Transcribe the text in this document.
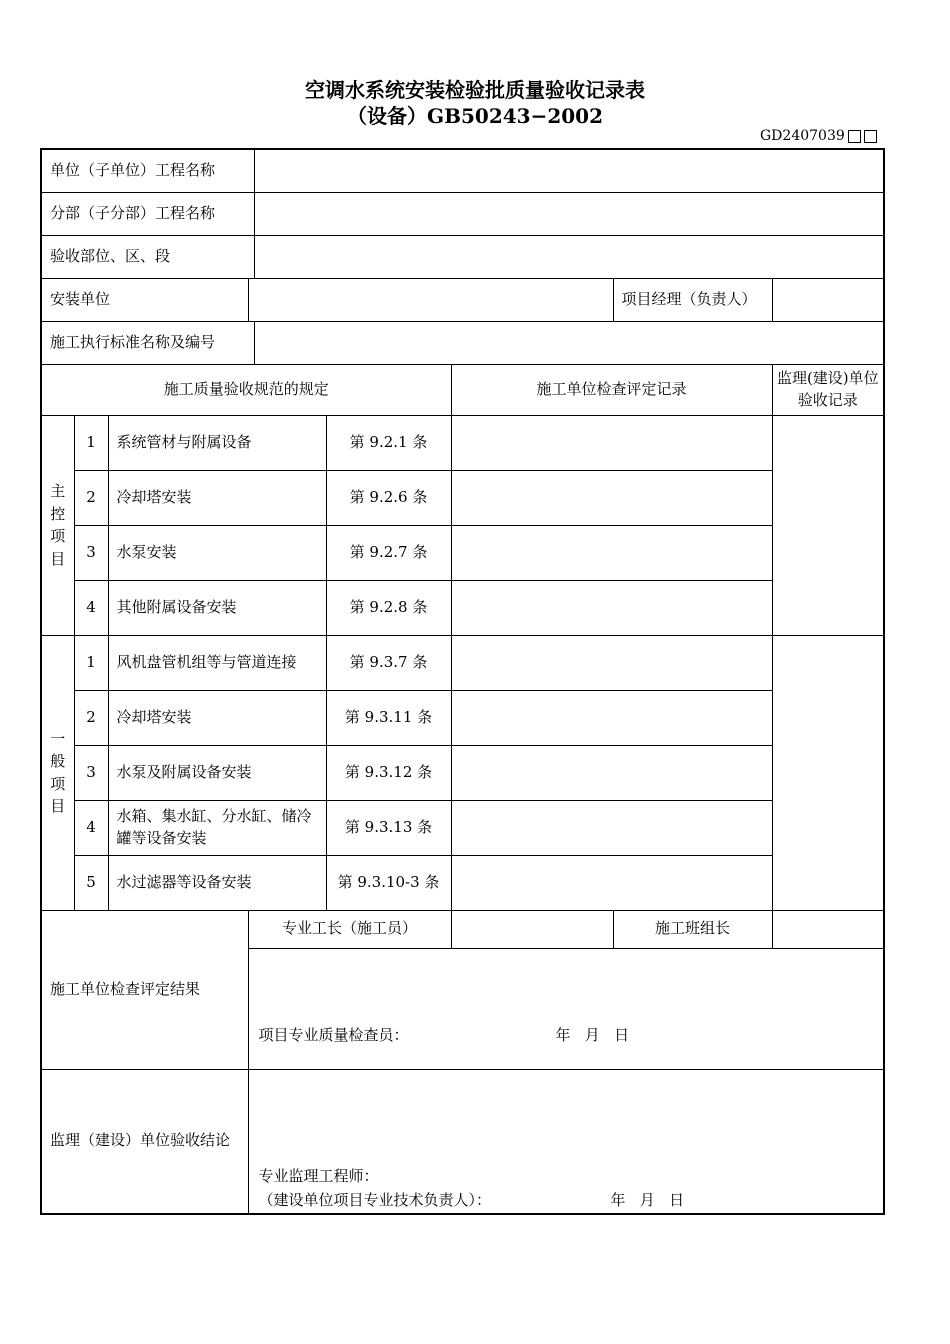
空调水系统安装检验批质量验收记录表
（设备）GB50243−2002
GD2407039
单位（子单位）工程名称								
分部（子分部）工程名称								
验收部位、区、段								
安装单位							项目经理（负责人）	
施工执行标准名称及编号								
施工质量验收规范的规定						施工单位检查评定记录		监理(建设)单位验收记录

主
控
项
目	1	系统管材与附属设备			第 9.2.1 条			
	2	冷却塔安装			第 9.2.6 条			
	3	水泵安装			第 9.2.7 条			
	4	其他附属设备安装			第 9.2.8 条			

一
般
项
目	1	风机盘管机组等与管道连接			第 9.3.7 条			
	2	冷却塔安装			第 9.3.11 条			
	3	水泵及附属设备安装			第 9.3.12 条			
	4	水箱、集水缸、分水缸、储冷罐等设备安装			第 9.3.13 条			
	5	水过滤器等设备安装			第 9.3.10-3 条			
施工单位检查评定结果			专业工长（施工员）				施工班组长	

			项目专业质量检查员： 年   月   日					

监理（建设）单位验收结论			专业监理工程师：
（建设单位项目专业技术负责人）： 年   月   日					
